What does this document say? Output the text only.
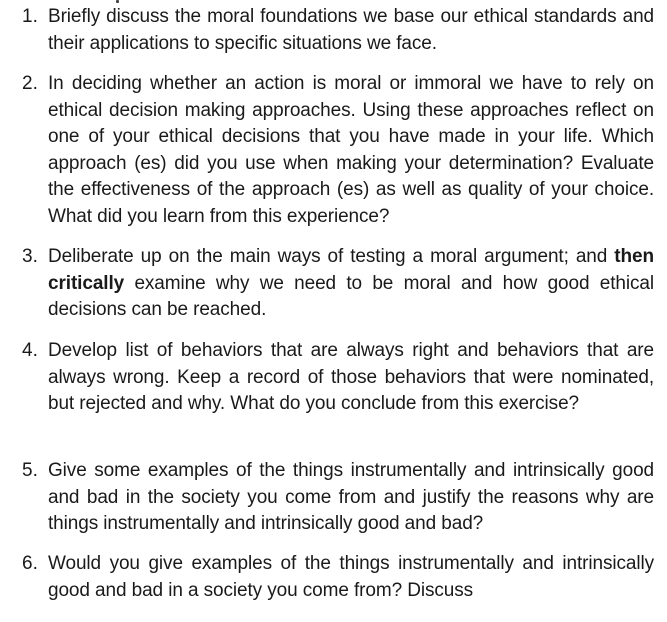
1. Briefly discuss the moral foundations we base our ethical standards and their applications to specific situations we face.
2. In deciding whether an action is moral or immoral we have to rely on ethical decision making approaches. Using these approaches reflect on one of your ethical decisions that you have made in your life. Which approach (es) did you use when making your determination? Evaluate the effectiveness of the approach (es) as well as quality of your choice. What did you learn from this experience?
3. Deliberate up on the main ways of testing a moral argument; and then critically examine why we need to be moral and how good ethical decisions can be reached.
4. Develop list of behaviors that are always right and behaviors that are always wrong. Keep a record of those behaviors that were nominated, but rejected and why. What do you conclude from this exercise?
5. Give some examples of the things instrumentally and intrinsically good and bad in the society you come from and justify the reasons why are things instrumentally and intrinsically good and bad?
6. Would you give examples of the things instrumentally and intrinsically good and bad in a society you come from? Discuss
